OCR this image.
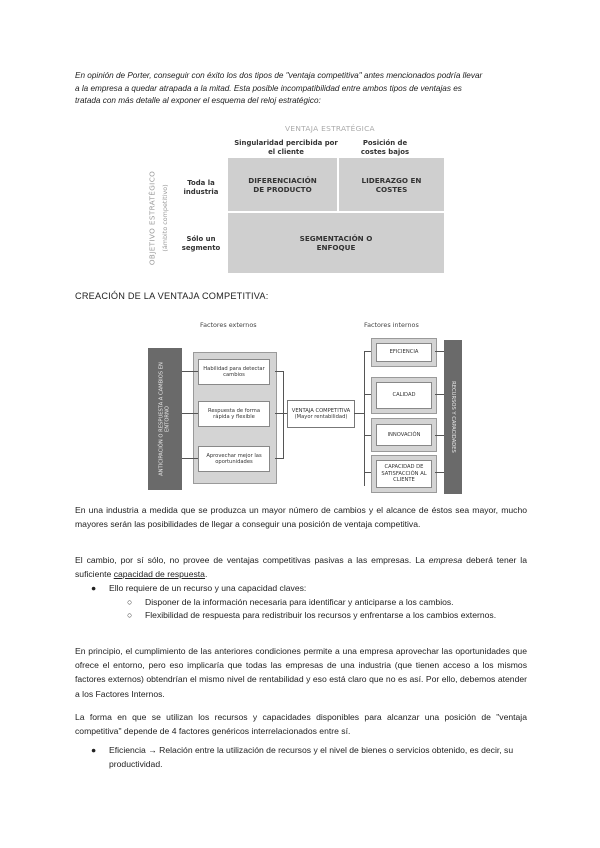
En opinión de Porter, conseguir con éxito los dos tipos de "ventaja competitiva" antes mencionados podría llevar
a la empresa a quedar atrapada a la mitad. Esta posible incompatibilidad entre ambos tipos de ventajas es
tratada con más detalle al exponer el esquema del reloj estratégico:

VENTAJA ESTRATÉGICA
Singularidad percibida por el cliente
Posición de costes bajos
OBJETIVO ESTRATÉGICO (ámbito competitivo)
Toda la industria
Sólo un segmento
DIFERENCIACIÓN DE PRODUCTO
LIDERAZGO EN COSTES
SEGMENTACIÓN O ENFOQUE
CREACIÓN DE LA VENTAJA COMPETITIVA:
Factores externos	Factores internos
ANTICIPACIÓN O RESPUESTA A CAMBIOS EN ENTORNO
Habilidad para detectar cambios
Respuesta de forma rápida y flexible
Aprovechar mejor las oportunidades
VENTAJA COMPETITIVA
(Mayor rentabilidad)
EFICIENCIA
CALIDAD
INNOVACIÓN
CAPACIDAD DE SATISFACCIÓN AL CLIENTE
RECURSOS Y CAPACIDADES

En una industria a medida que se produzca un mayor número de cambios y el alcance de éstos sea mayor, mucho mayores serán las posibilidades de llegar a conseguir una posición de ventaja competitiva.

El cambio, por sí sólo, no provee de ventajas competitivas pasivas a las empresas. La empresa deberá tener la suficiente capacidad de respuesta.

● Ello requiere de un recurso y una capacidad claves:
○ Disponer de la información necesaria para identificar y anticiparse a los cambios.
○ Flexibilidad de respuesta para redistribuir los recursos y enfrentarse a los cambios externos.

En principio, el cumplimiento de las anteriores condiciones permite a una empresa aprovechar las oportunidades que ofrece el entorno, pero eso implicaría que todas las empresas de una industria (que tienen acceso a los mismos factores externos) obtendrían el mismo nivel de rentabilidad y eso está claro que no es así. Por ello, debemos atender a los Factores Internos.

La forma en que se utilizan los recursos y capacidades disponibles para alcanzar una posición de "ventaja competitiva" depende de 4 factores genéricos interrelacionados entre sí.

● Eficiencia → Relación entre la utilización de recursos y el nivel de bienes o servicios obtenido, es decir, su productividad.
